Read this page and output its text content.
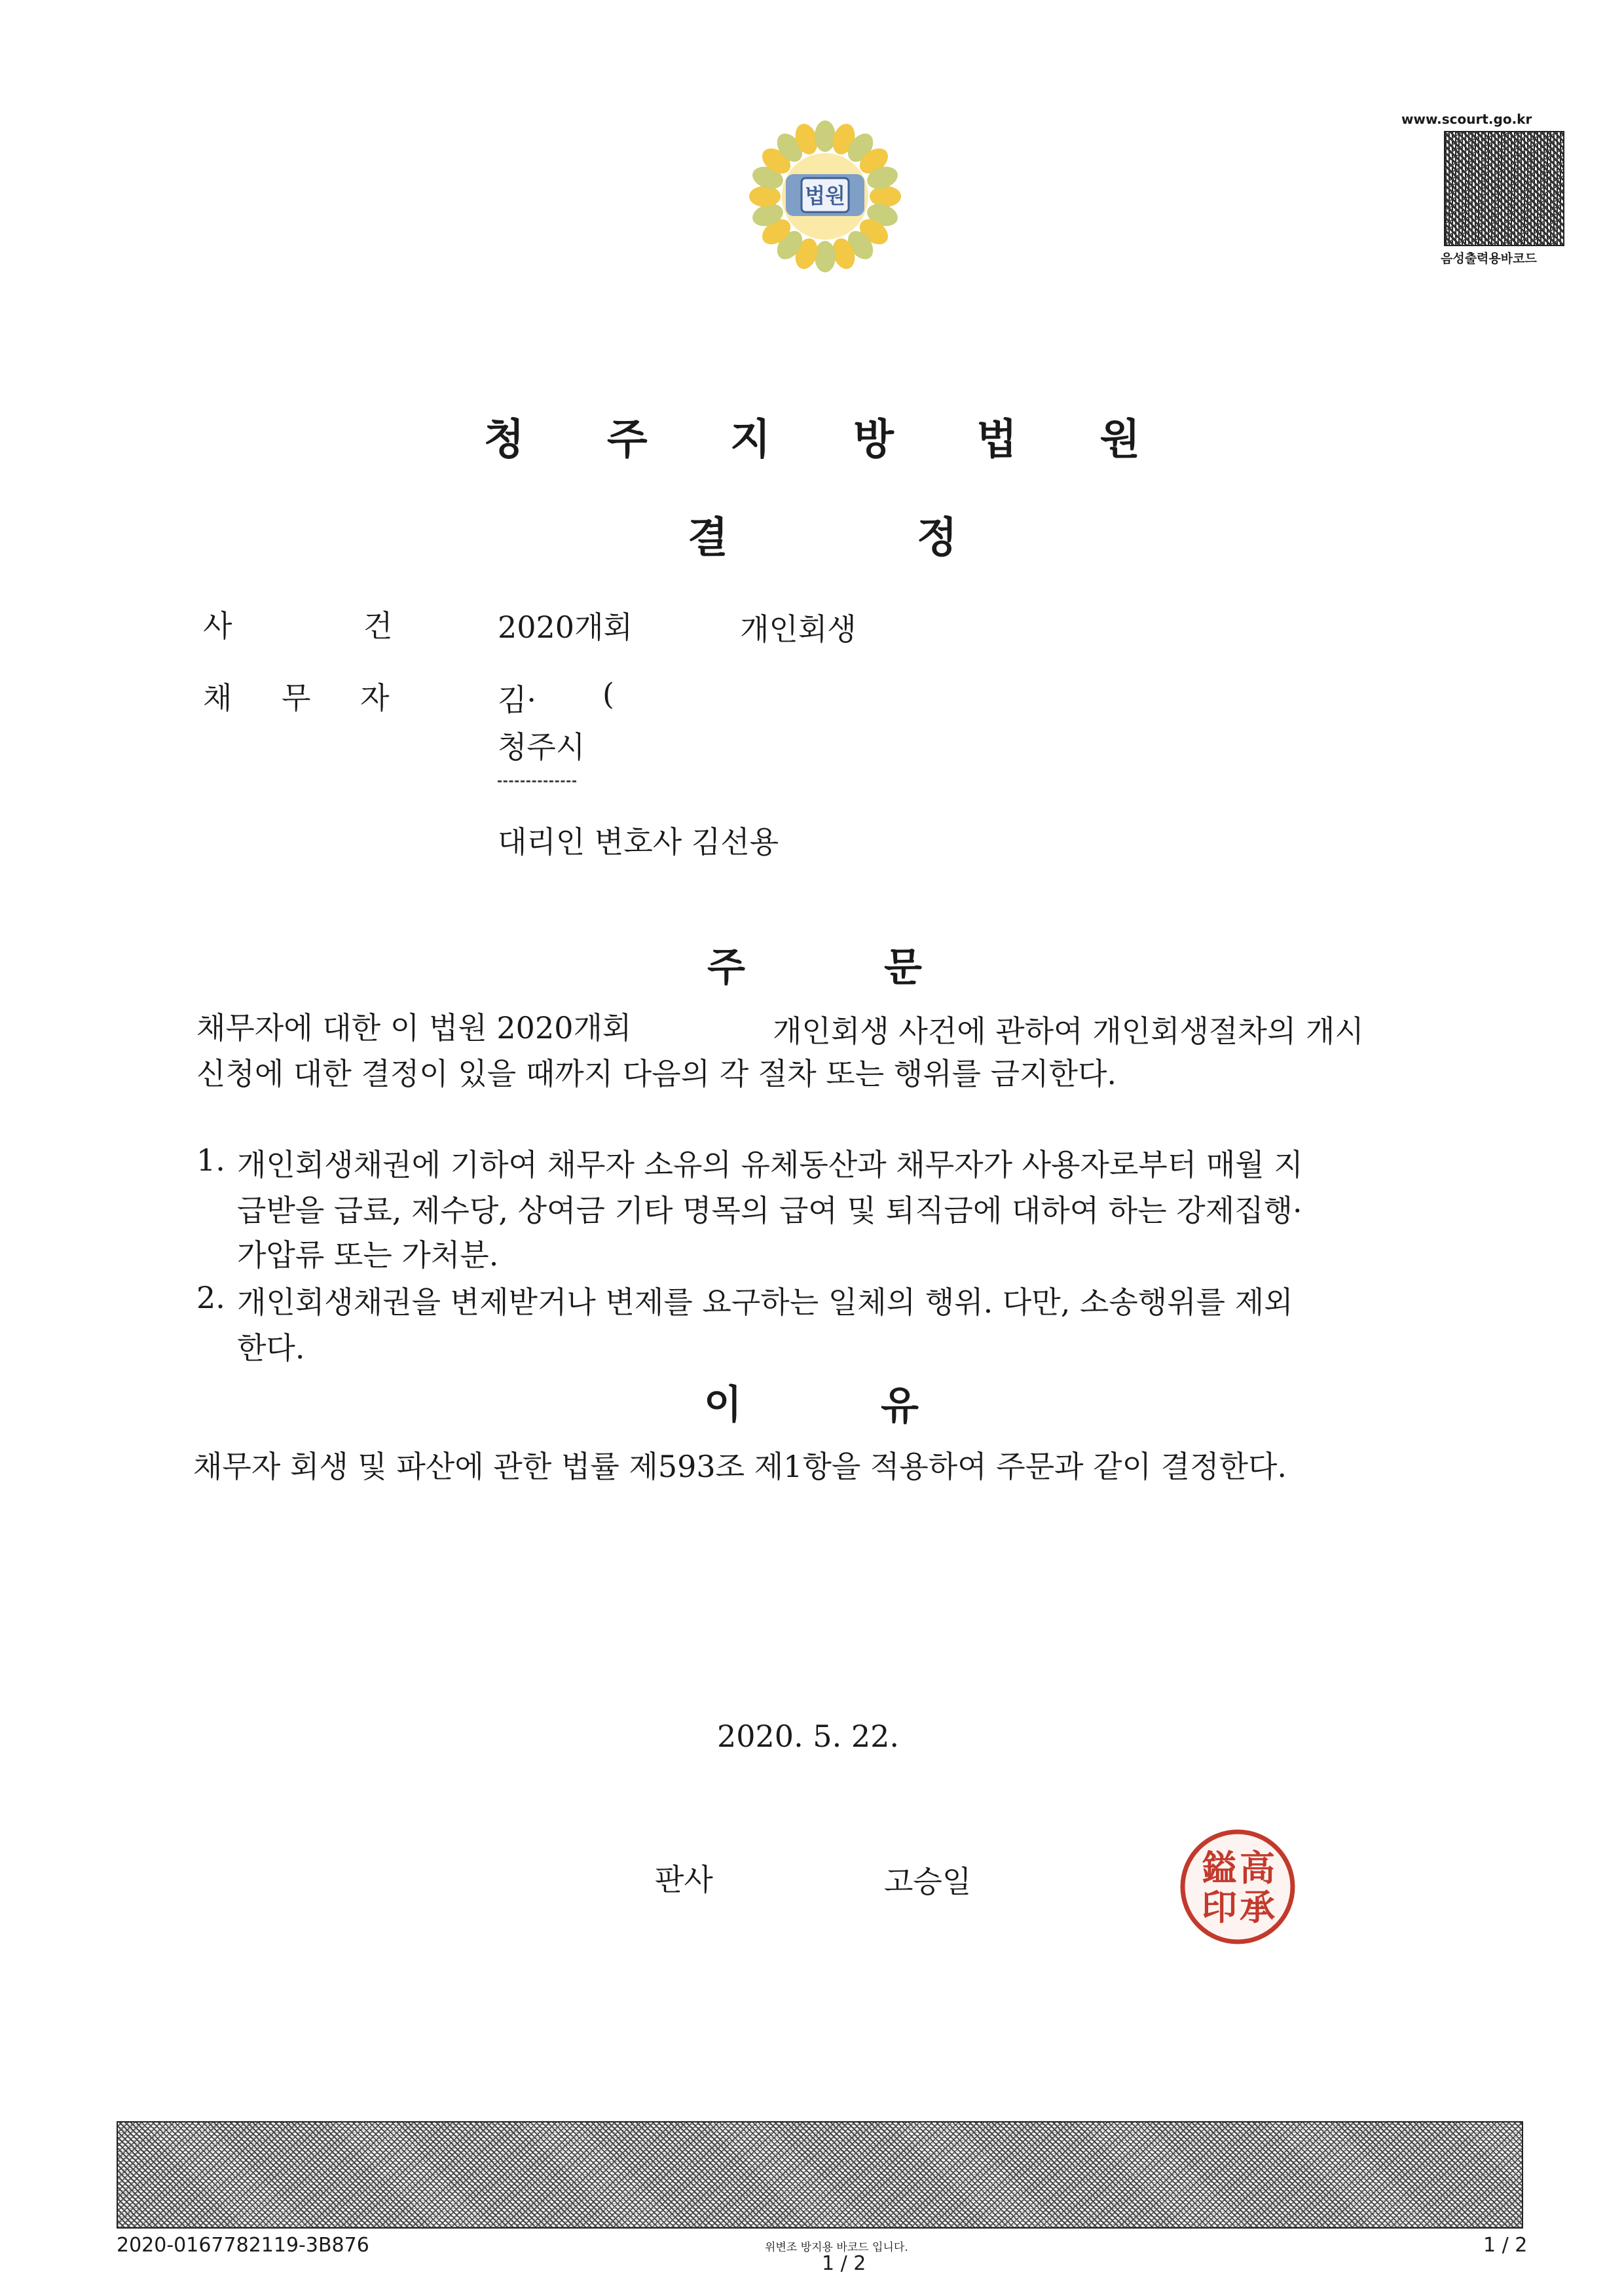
법원
www.scourt.go.kr
음성출력용바코드
청 주 지 방 법 원
결	정
사	건	2020개회	개인회생
채 무 자	김· (
청주시
대리인 변호사 김선용
주	문
채무자에 대한 이 법원 2020개회	개인회생 사건에 관하여 개인회생절차의 개시
신청에 대한 결정이 있을 때까지 다음의 각 절차 또는 행위를 금지한다.
1. 개인회생채권에 기하여 채무자 소유의 유체동산과 채무자가 사용자로부터 매월 지
급받을 급료, 제수당, 상여금 기타 명목의 급여 및 퇴직금에 대하여 하는 강제집행·
가압류 또는 가처분.
2. 개인회생채권을 변제받거나 변제를 요구하는 일체의 행위. 다만, 소송행위를 제외
한다.
이	유
채무자 회생 및 파산에 관한 법률 제593조 제1항을 적용하여 주문과 같이 결정한다.
2020. 5. 22.
판사	고승일	高
承
鎰
印
2020-0167782119-3B876	위변조 방지용 바코드 입니다.
1 / 2
1 / 2
